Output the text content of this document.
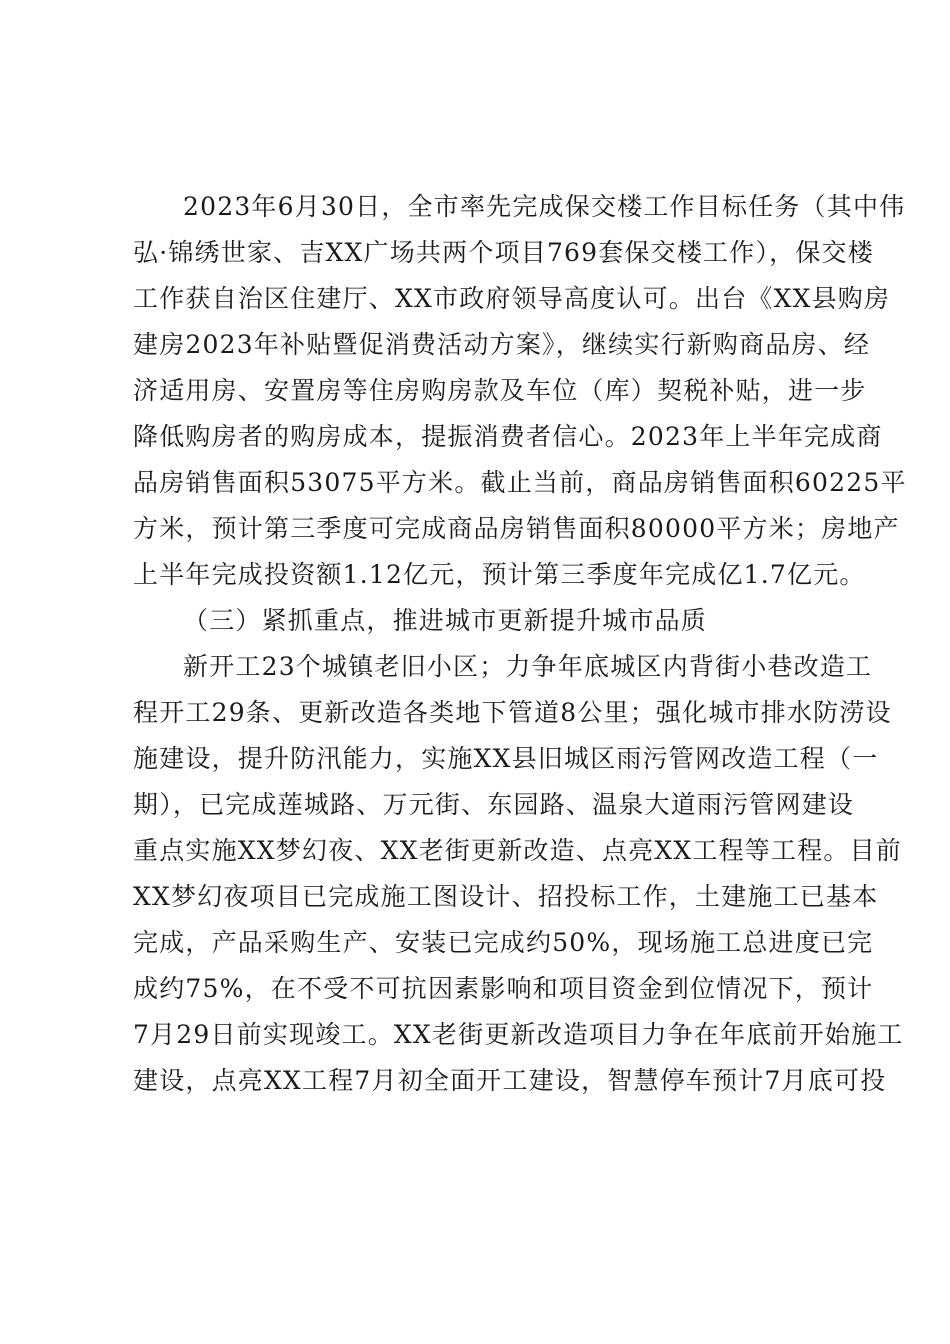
2023年6月30日，全市率先完成保交楼工作目标任务（其中伟
弘·锦绣世家、吉XX广场共两个项目769套保交楼工作），保交楼
工作获自治区住建厅、XX市政府领导高度认可。出台《XX县购房
建房2023年补贴暨促消费活动方案》，继续实行新购商品房、经
济适用房、安置房等住房购房款及车位（库）契税补贴，进一步
降低购房者的购房成本，提振消费者信心。2023年上半年完成商
品房销售面积53075平方米。截止当前，商品房销售面积60225平
方米，预计第三季度可完成商品房销售面积80000平方米；房地产
上半年完成投资额1.12亿元，预计第三季度年完成亿1.7亿元。
（三）紧抓重点，推进城市更新提升城市品质
新开工23个城镇老旧小区；力争年底城区内背街小巷改造工
程开工29条、更新改造各类地下管道8公里；强化城市排水防涝设
施建设，提升防汛能力，实施XX县旧城区雨污管网改造工程（一
期），已完成莲城路、万元街、东园路、温泉大道雨污管网建设
重点实施XX梦幻夜、XX老街更新改造、点亮XX工程等工程。目前
XX梦幻夜项目已完成施工图设计、招投标工作，土建施工已基本
完成，产品采购生产、安装已完成约50%，现场施工总进度已完
成约75%，在不受不可抗因素影响和项目资金到位情况下，预计
7月29日前实现竣工。XX老街更新改造项目力争在年底前开始施工
建设，点亮XX工程7月初全面开工建设，智慧停车预计7月底可投
